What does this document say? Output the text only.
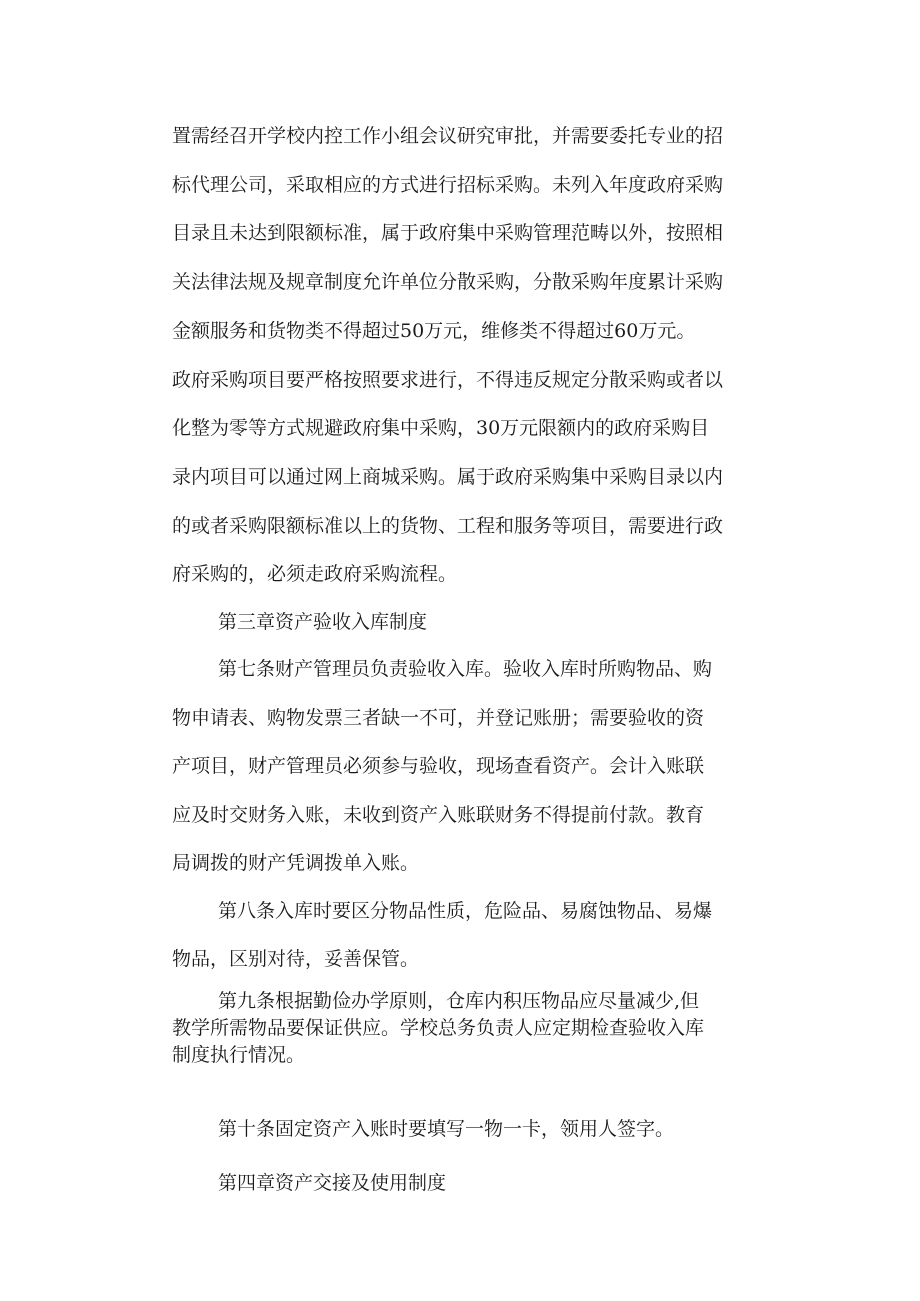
置需经召开学校内控工作小组会议研究审批，并需要委托专业的招
标代理公司，采取相应的方式进行招标采购。未列入年度政府采购
目录且未达到限额标准，属于政府集中采购管理范畴以外，按照相
关法律法规及规章制度允许单位分散采购，分散采购年度累计采购
金额服务和货物类不得超过50万元，维修类不得超过60万元。
政府采购项目要严格按照要求进行，不得违反规定分散采购或者以
化整为零等方式规避政府集中采购，30万元限额内的政府采购目
录内项目可以通过网上商城采购。属于政府采购集中采购目录以内
的或者采购限额标准以上的货物、工程和服务等项目，需要进行政
府采购的，必须走政府采购流程。
第三章资产验收入库制度
第七条财产管理员负责验收入库。验收入库时所购物品、购
物申请表、购物发票三者缺一不可，并登记账册；需要验收的资
产项目，财产管理员必须参与验收，现场查看资产。会计入账联
应及时交财务入账，未收到资产入账联财务不得提前付款。教育
局调拨的财产凭调拨单入账。
第八条入库时要区分物品性质，危险品、易腐蚀物品、易爆
物品，区别对待，妥善保管。
第九条根据勤俭办学原则，仓库内积压物品应尽量减少,但
教学所需物品要保证供应。学校总务负责人应定期检查验收入库
制度执行情况。
第十条固定资产入账时要填写一物一卡，领用人签字。
第四章资产交接及使用制度
